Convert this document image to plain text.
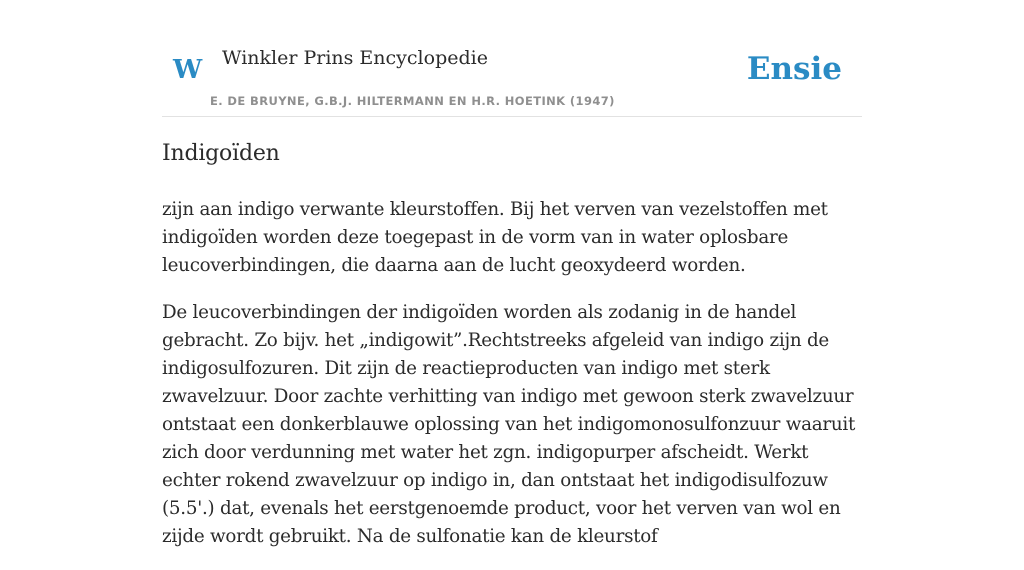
W Winkler Prins Encyclopedie
E. DE BRUYNE, G.B.J. HILTERMANN EN H.R. HOETINK (1947)
Ensie
Indigoïden

zijn aan indigo verwante kleurstoffen. Bij het verven van vezelstoffen met indigoïden worden deze toegepast in de vorm van in water oplosbare leucoverbindingen, die daarna aan de lucht geoxydeerd worden.

De leucoverbindingen der indigoïden worden als zodanig in de handel gebracht. Zo bijv. het „indigowit”.Rechtstreeks afgeleid van indigo zijn de indigosulfozuren. Dit zijn de reactieproducten van indigo met sterk zwavelzuur. Door zachte verhitting van indigo met gewoon sterk zwavelzuur ontstaat een donkerblauwe oplossing van het indigomonosulfonzuur waaruit zich door verdunning met water het zgn. indigopurper afscheidt. Werkt echter rokend zwavelzuur op indigo in, dan ontstaat het indigodisulfozuw (5.5'.) dat, evenals het eerstgenoemde product, voor het verven van wol en zijde wordt gebruikt. Na de sulfonatie kan de kleurstof
